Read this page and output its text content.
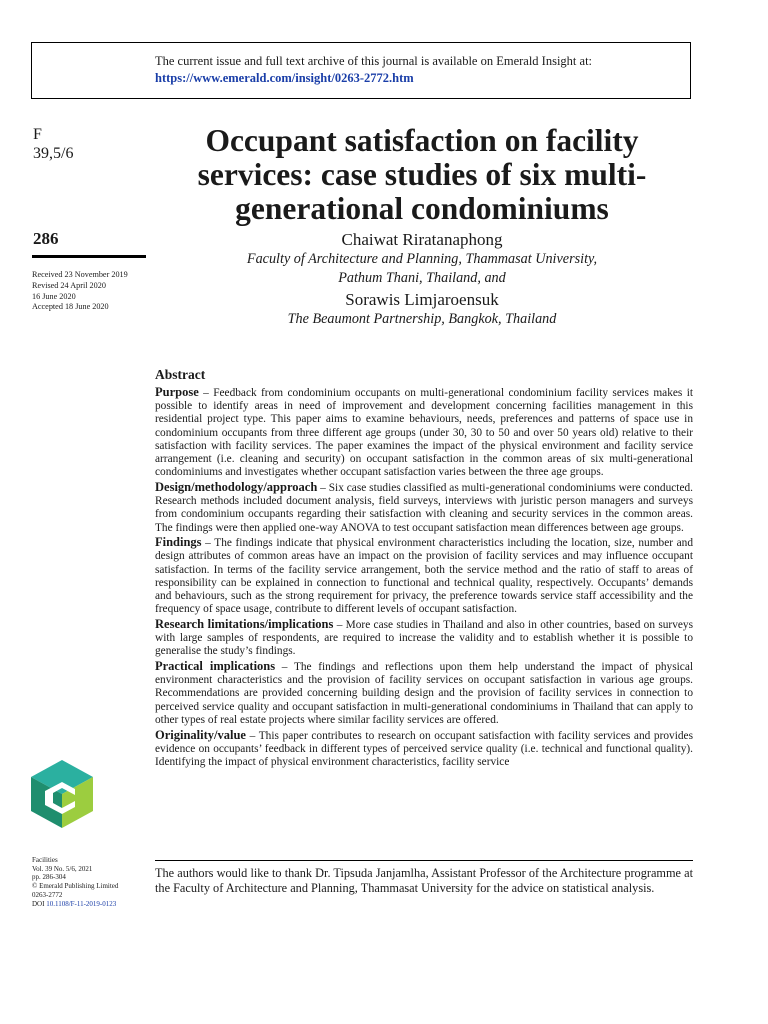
The current issue and full text archive of this journal is available on Emerald Insight at:
https://www.emerald.com/insight/0263-2772.htm
F
39,5/6
286
Received 23 November 2019
Revised 24 April 2020
16 June 2020
Accepted 18 June 2020
Occupant satisfaction on facility services: case studies of six multi-generational condominiums
Chaiwat Riratanaphong
Faculty of Architecture and Planning, Thammasat University,
Pathum Thani, Thailand, and
Sorawis Limjaroensuk
The Beaumont Partnership, Bangkok, Thailand
Abstract

Purpose – Feedback from condominium occupants on multi-generational condominium facility services makes it possible to identify areas in need of improvement and development concerning facilities management in this residential project type. This paper aims to examine behaviours, needs, preferences and patterns of space use in condominium occupants from three different age groups (under 30, 30 to 50 and over 50 years old) relative to their satisfaction with facility services. The paper examines the impact of the physical environment and facility service arrangement (i.e. cleaning and security) on occupant satisfaction in the common areas of six multi-generational condominiums and investigates whether occupant satisfaction varies between the three age groups.

Design/methodology/approach – Six case studies classified as multi-generational condominiums were conducted. Research methods included document analysis, field surveys, interviews with juristic person managers and surveys from condominium occupants regarding their satisfaction with cleaning and security services in the common areas. The findings were then applied one-way ANOVA to test occupant satisfaction mean differences between age groups.

Findings – The findings indicate that physical environment characteristics including the location, size, number and design attributes of common areas have an impact on the provision of facility services and may influence occupant satisfaction. In terms of the facility service arrangement, both the service method and the ratio of staff to areas of responsibility can be explained in connection to functional and technical quality, respectively. Occupants’ demands and behaviours, such as the strong requirement for privacy, the preference towards service staff accessibility and the frequency of space usage, contribute to different levels of occupant satisfaction.

Research limitations/implications – More case studies in Thailand and also in other countries, based on surveys with large samples of respondents, are required to increase the validity and to establish whether it is possible to generalise the study’s findings.

Practical implications – The findings and reflections upon them help understand the impact of physical environment characteristics and the provision of facility services on occupant satisfaction in various age groups. Recommendations are provided concerning building design and the provision of facility services in connection to perceived service quality and occupant satisfaction in multi-generational condominiums in Thailand that can apply to other types of real estate projects where similar facility services are offered.

Originality/value – This paper contributes to research on occupant satisfaction with facility services and provides evidence on occupants’ feedback in different types of perceived service quality (i.e. technical and functional quality). Identifying the impact of physical environment characteristics, facility service

Facilities
Vol. 39 No. 5/6, 2021
pp. 286-304
© Emerald Publishing Limited
0263-2772
DOI 10.1108/F-11-2019-0123
The authors would like to thank Dr. Tipsuda Janjamlha, Assistant Professor of the Architecture programme at the Faculty of Architecture and Planning, Thammasat University for the advice on statistical analysis.
